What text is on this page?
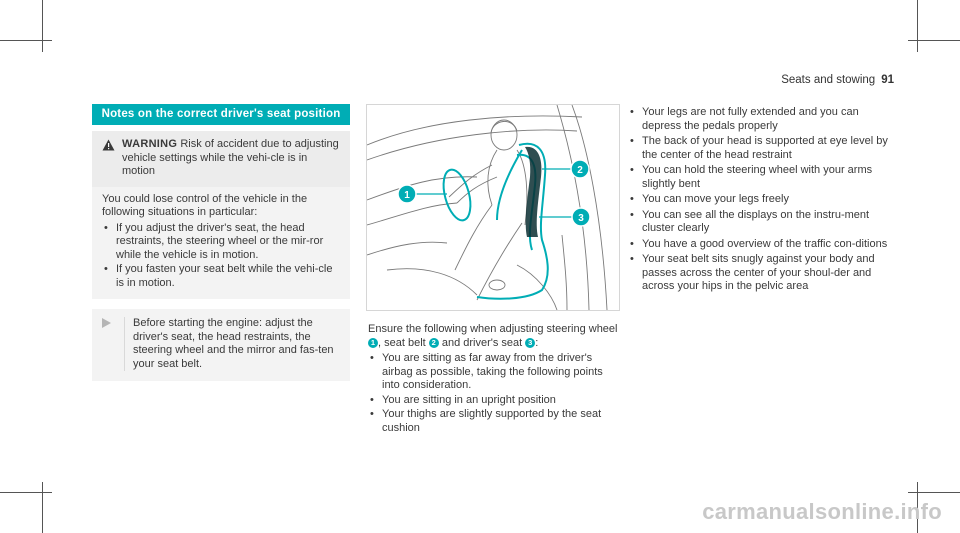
Seats and stowing 91
Notes on the correct driver's seat position

WARNING Risk of accident due to adjusting vehicle settings while the vehi-cle is in motion

You could lose control of the vehicle in the following situations in particular:

• If you adjust the driver's seat, the head restraints, the steering wheel or the mir-ror while the vehicle is in motion.
• If you fasten your seat belt while the vehi-cle is in motion.

Before starting the engine: adjust the driver's seat, the head restraints, the steering wheel and the mirror and fas-ten your seat belt.

1
2
3

Ensure the following when adjusting steering wheel 1 , seat belt 2 and driver's seat 3 :

• You are sitting as far away from the driver's airbag as possible, taking the following points into consideration.
• You are sitting in an upright position
• Your thighs are slightly supported by the seat cushion
• Your legs are not fully extended and you can depress the pedals properly
• The back of your head is supported at eye level by the center of the head restraint
• You can hold the steering wheel with your arms slightly bent
• You can move your legs freely
• You can see all the displays on the instru-ment cluster clearly
• You have a good overview of the traffic con-ditions
• Your seat belt sits snugly against your body and passes across the center of your shoul-der and across your hips in the pelvic area
carmanualsonline.info
